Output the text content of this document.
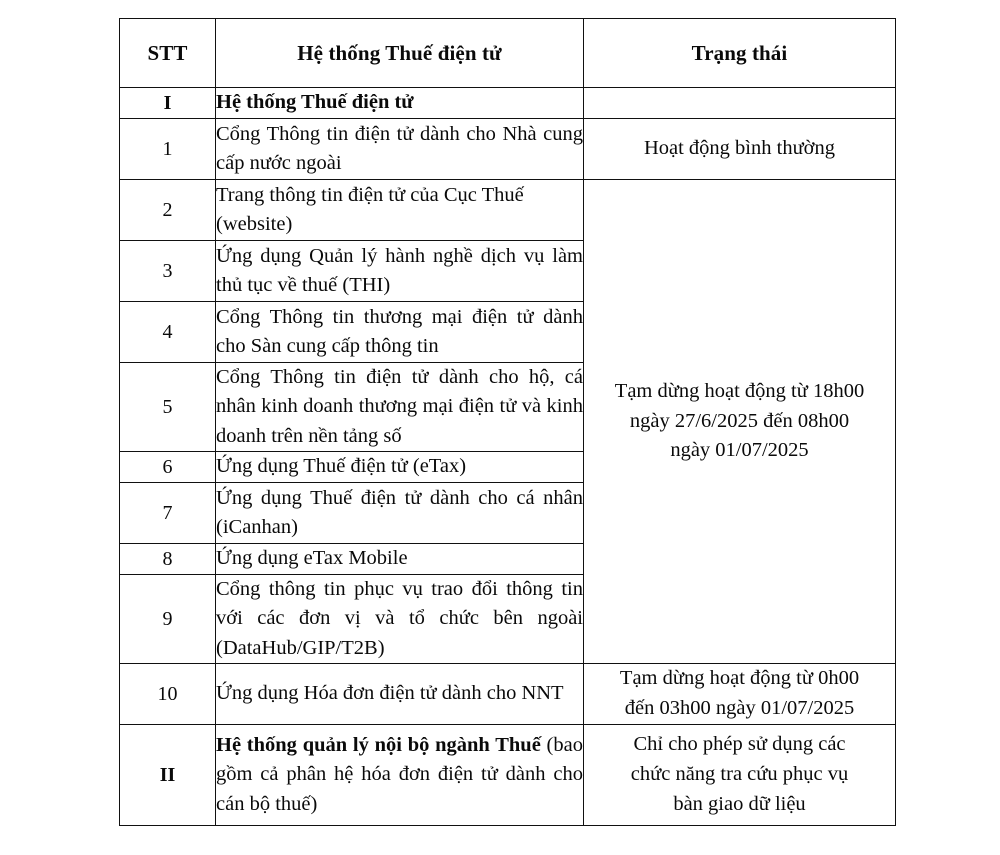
STT	Hệ thống Thuế điện tử	Trạng thái
I	Hệ thống Thuế điện tử	
1	Cổng Thông tin điện tử dành cho Nhà cung cấp nước ngoài	Hoạt động bình thường

2	Trang thông tin điện tử của Cục Thuế (website)	Tạm dừng hoạt động từ 18h00
ngày 27/6/2025 đến 08h00
ngày 01/07/2025

3	Ứng dụng Quản lý hành nghề dịch vụ làm thủ tục về thuế (THI)	
4	Cổng Thông tin thương mại điện tử dành cho Sàn cung cấp thông tin	
5	Cổng Thông tin điện tử dành cho hộ, cá nhân kinh doanh thương mại điện tử và kinh doanh trên nền tảng số	
6	Ứng dụng Thuế điện tử (eTax)	
7	Ứng dụng Thuế điện tử dành cho cá nhân (iCanhan)	
8	Ứng dụng eTax Mobile	
9	Cổng thông tin phục vụ trao đổi thông tin với các đơn vị và tổ chức bên ngoài (DataHub/GIP/T2B)	
10	Ứng dụng Hóa đơn điện tử dành cho NNT	Tạm dừng hoạt động từ 0h00
đến 03h00 ngày 01/07/2025

II	Hệ thống quản lý nội bộ ngành Thuế (bao gồm cả phân hệ hóa đơn điện tử dành cho cán bộ thuế)	Chỉ cho phép sử dụng các
chức năng tra cứu phục vụ
bàn giao dữ liệu
